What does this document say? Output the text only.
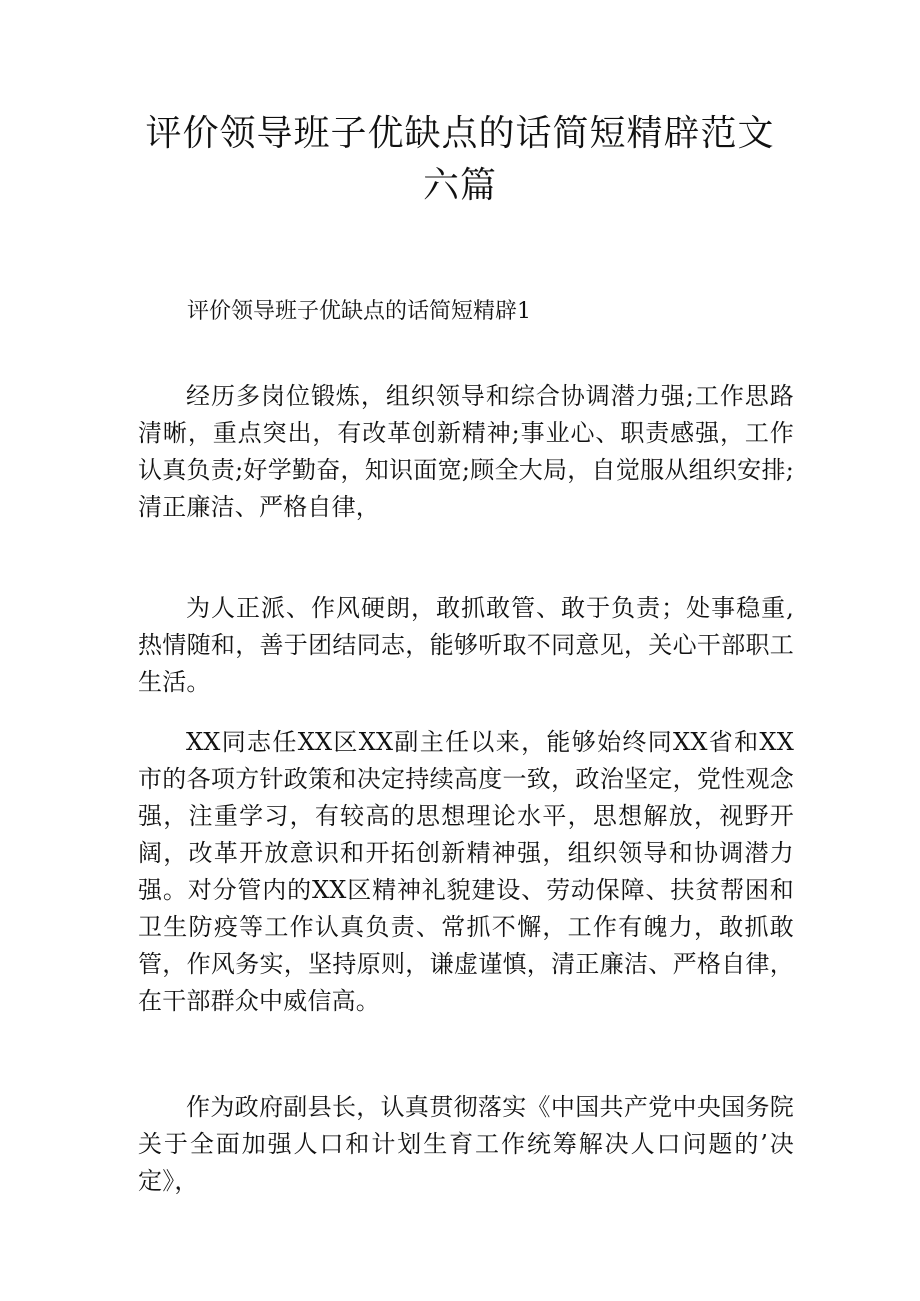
评价领导班子优缺点的话简短精辟范文六篇

评价领导班子优缺点的话简短精辟1

经历多岗位锻炼，组织领导和综合协调潜力强;工作思路清晰，重点突出，有改革创新精神;事业心、职责感强，工作认真负责;好学勤奋，知识面宽;顾全大局，自觉服从组织安排;清正廉洁、严格自律，

为人正派、作风硬朗，敢抓敢管、敢于负责；处事稳重,热情随和，善于团结同志，能够听取不同意见，关心干部职工生活。

XX同志任XX区XX副主任以来，能够始终同XX省和XX市的各项方针政策和决定持续高度一致，政治坚定，党性观念强，注重学习，有较高的思想理论水平，思想解放，视野开阔，改革开放意识和开拓创新精神强，组织领导和协调潜力强。对分管内的XX区精神礼貌建设、劳动保障、扶贫帮困和卫生防疫等工作认真负责、常抓不懈，工作有魄力，敢抓敢管，作风务实，坚持原则，谦虚谨慎，清正廉洁、严格自律，在干部群众中威信高。

作为政府副县长，认真贯彻落实《中国共产党中央国务院关于全面加强人口和计划生育工作统筹解决人口问题的’决定》，
